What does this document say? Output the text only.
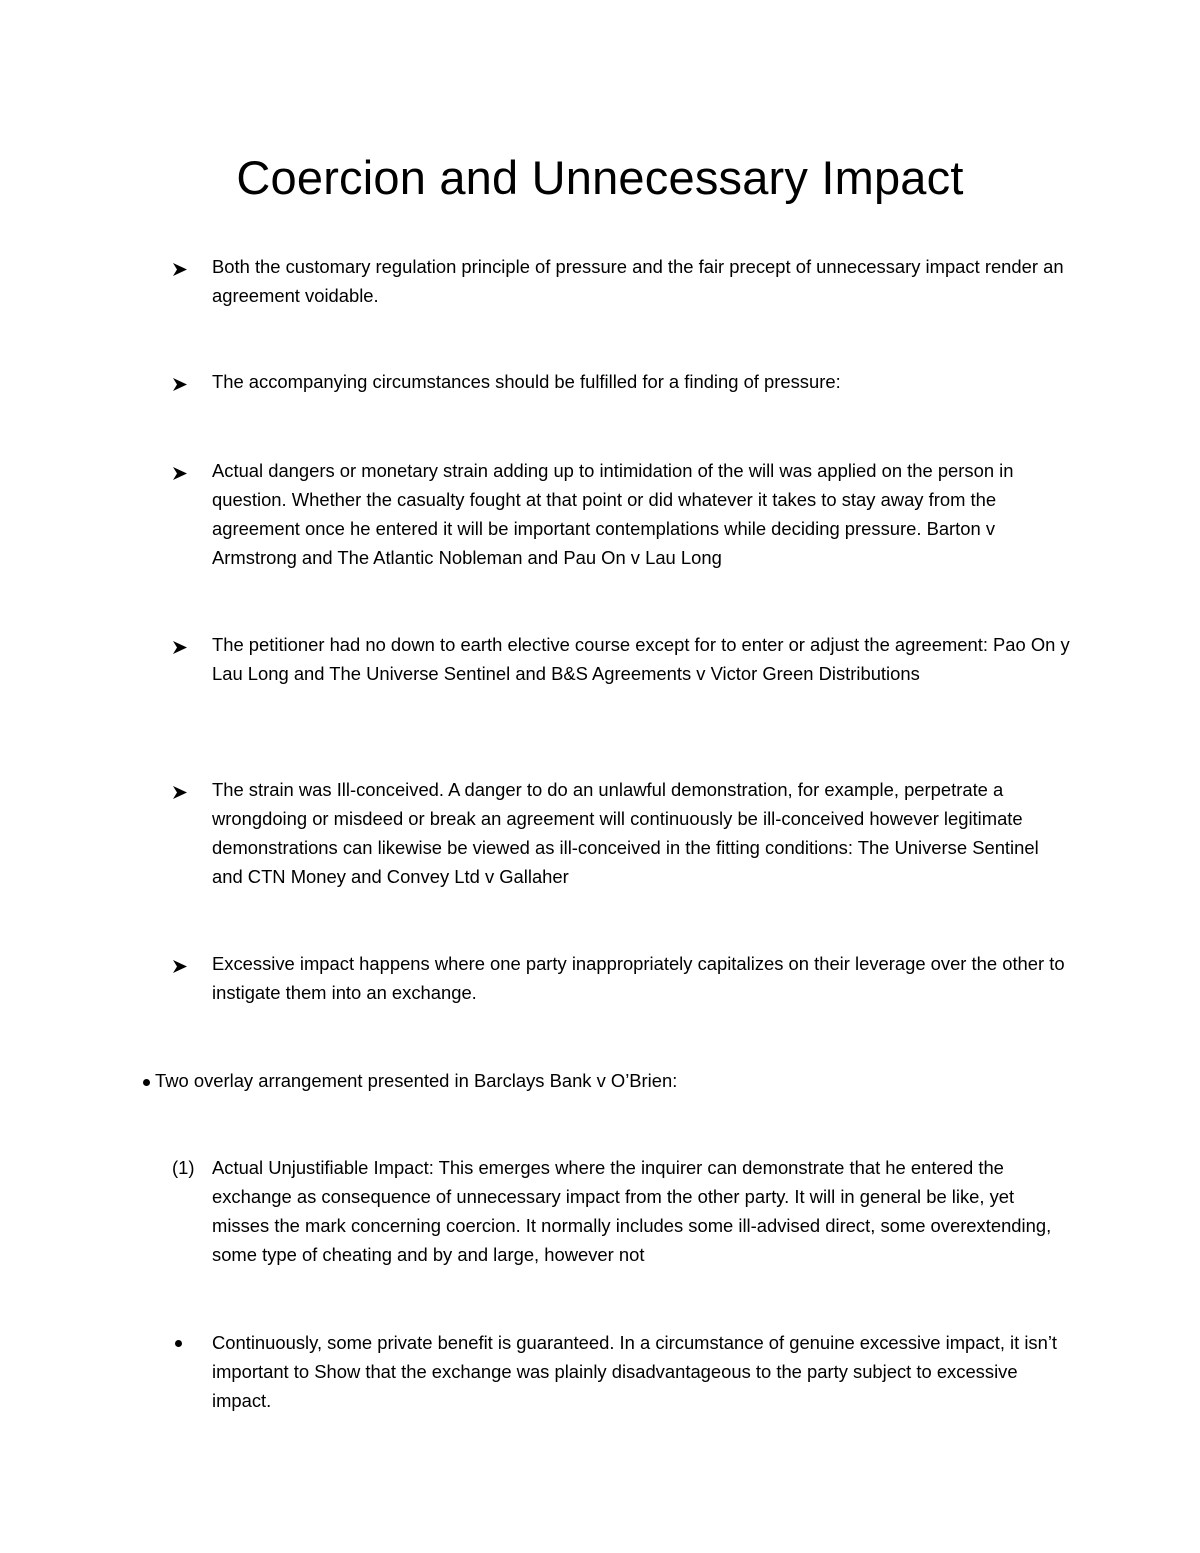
Coercion and Unnecessary Impact
Both the customary regulation principle of pressure and the fair precept of unnecessary impact render an agreement voidable.
The accompanying circumstances should be fulfilled for a finding of pressure:
Actual dangers or monetary strain adding up to intimidation of the will was applied on the person in question. Whether the casualty fought at that point or did whatever it takes to stay away from the agreement once he entered it will be important contemplations while deciding pressure. Barton v Armstrong and The Atlantic Nobleman and Pau On v Lau Long
The petitioner had no down to earth elective course except for to enter or adjust the agreement: Pao On y Lau Long and The Universe Sentinel and B&S Agreements v Victor Green Distributions
The strain was Ill-conceived. A danger to do an unlawful demonstration, for example, perpetrate a wrongdoing or misdeed or break an agreement will continuously be ill-conceived however legitimate demonstrations can likewise be viewed as ill-conceived in the fitting conditions: The Universe Sentinel and CTN Money and Convey Ltd v Gallaher
Excessive impact happens where one party inappropriately capitalizes on their leverage over the other to instigate them into an exchange.
Two overlay arrangement presented in Barclays Bank v O’Brien:
(1) Actual Unjustifiable Impact: This emerges where the inquirer can demonstrate that he entered the exchange as consequence of unnecessary impact from the other party. It will in general be like, yet misses the mark concerning coercion. It normally includes some ill-advised direct, some overextending, some type of cheating and by and large, however not
Continuously, some private benefit is guaranteed. In a circumstance of genuine excessive impact, it isn’t important to Show that the exchange was plainly disadvantageous to the party subject to excessive impact.
